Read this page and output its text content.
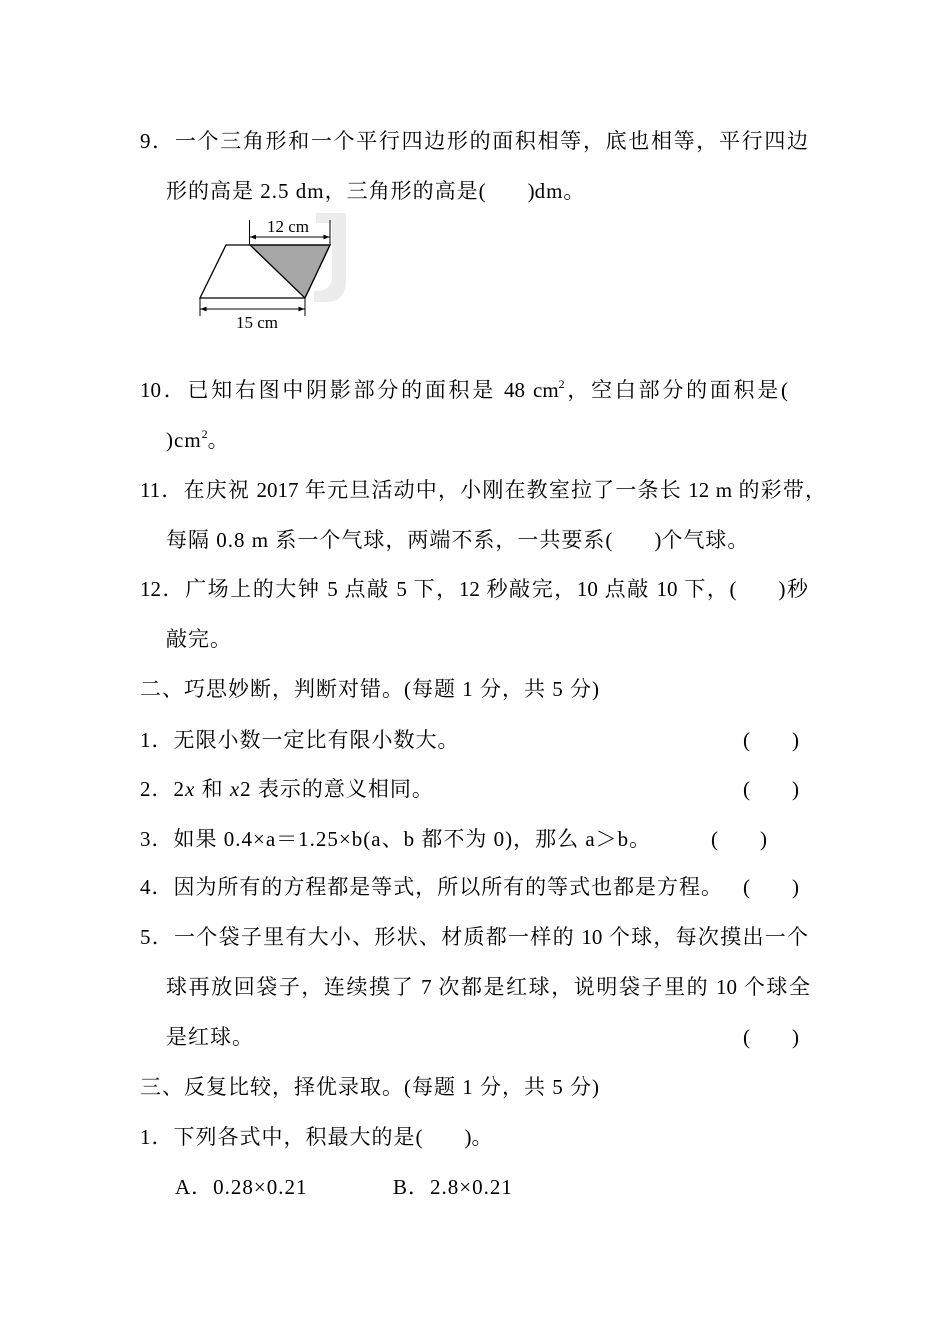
9．一个三角形和一个平行四边形的面积相等，底也相等，平行四边
形的高是 2.5 dm，三角形的高是(        )dm。
12 cm
15 cm
10．已知右图中阴影部分的面积是 48 $cm^2$，空白部分的面积是(
)$cm^2$。
11．在庆祝 2017 年元旦活动中，小刚在教室拉了一条长 12 m 的彩带，
每隔 0.8 m 系一个气球，两端不系，一共要系(        )个气球。
12．广场上的大钟 5 点敲 5 下，12 秒敲完，10 点敲 10 下，(        )秒
敲完。
二、巧思妙断，判断对错。(每题 1 分，共 5 分)
1．无限小数一定比有限小数大。	(        )
2．2x 和 x2 表示的意义相同。	(        )
3．如果 0.4×a＝1.25×b(a、b 都不为 0)，那么 a＞b。	(        )
4．因为所有的方程都是等式，所以所有的等式也都是方程。 (        )
5．一个袋子里有大小、形状、材质都一样的 10 个球，每次摸出一个
球再放回袋子，连续摸了 7 次都是红球，说明袋子里的 10 个球全
是红球。	(        )
三、反复比较，择优录取。(每题 1 分，共 5 分)
1．下列各式中，积最大的是(        )。
A．0.28×0.21	B．2.8×0.21
